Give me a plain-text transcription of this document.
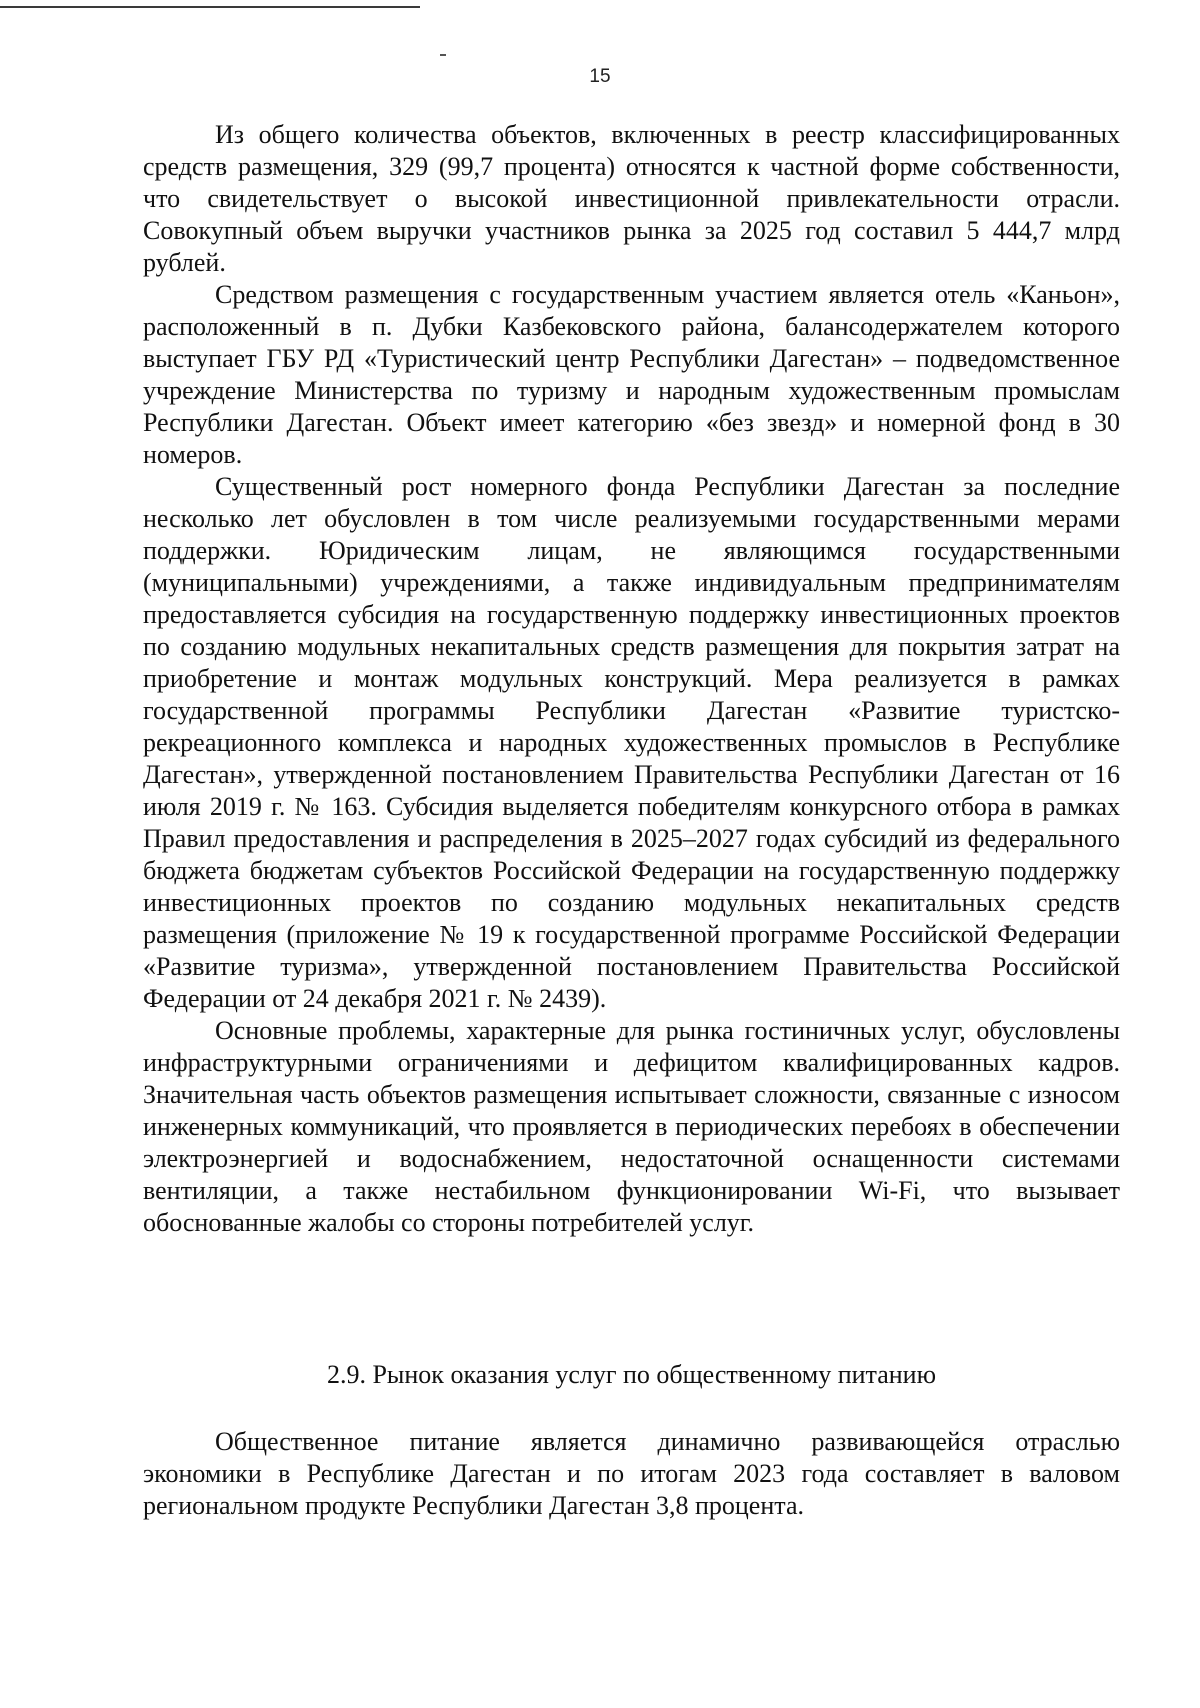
15

Из общего количества объектов, включенных в реестр классифицированных средств размещения, 329 (99,7 процента) относятся к частной форме собственности, что свидетельствует о высокой инвестиционной привлекательности отрасли. Совокупный объем выручки участников рынка за 2025 год составил 5 444,7 млрд рублей.

Средством размещения с государственным участием является отель «Каньон», расположенный в п. Дубки Казбековского района, балансодержателем которого выступает ГБУ РД «Туристический центр Республики Дагестан» – подведомственное учреждение Министерства по туризму и народным художественным промыслам Республики Дагестан. Объект имеет категорию «без звезд» и номерной фонд в 30 номеров.

Существенный рост номерного фонда Республики Дагестан за последние несколько лет обусловлен в том числе реализуемыми государственными мерами поддержки. Юридическим лицам, не являющимся государственными (муниципальными) учреждениями, а также индивидуальным предпринимателям предоставляется субсидия на государственную поддержку инвестиционных проектов по созданию модульных некапитальных средств размещения для покрытия затрат на приобретение и монтаж модульных конструкций. Мера реализуется в рамках государственной программы Республики Дагестан «Развитие туристско-рекреационного комплекса и народных художественных промыслов в Республике Дагестан», утвержденной постановлением Правительства Республики Дагестан от 16 июля 2019 г. № 163. Субсидия выделяется победителям конкурсного отбора в рамках Правил предоставления и распределения в 2025–2027 годах субсидий из федерального бюджета бюджетам субъектов Российской Федерации на государственную поддержку инвестиционных проектов по созданию модульных некапитальных средств размещения (приложение № 19 к государственной программе Российской Федерации «Развитие туризма», утвержденной постановлением Правительства Российской Федерации от 24 декабря 2021 г. № 2439).

Основные проблемы, характерные для рынка гостиничных услуг, обусловлены инфраструктурными ограничениями и дефицитом квалифицированных кадров. Значительная часть объектов размещения испытывает сложности, связанные с износом инженерных коммуникаций, что проявляется в периодических перебоях в обеспечении электроэнергией и водоснабжением, недостаточной оснащенности системами вентиляции, а также нестабильном функционировании Wi-Fi, что вызывает обоснованные жалобы со стороны потребителей услуг.

2.9. Рынок оказания услуг по общественному питанию

Общественное питание является динамично развивающейся отраслью экономики в Республике Дагестан и по итогам 2023 года составляет в валовом региональном продукте Республики Дагестан 3,8 процента.
